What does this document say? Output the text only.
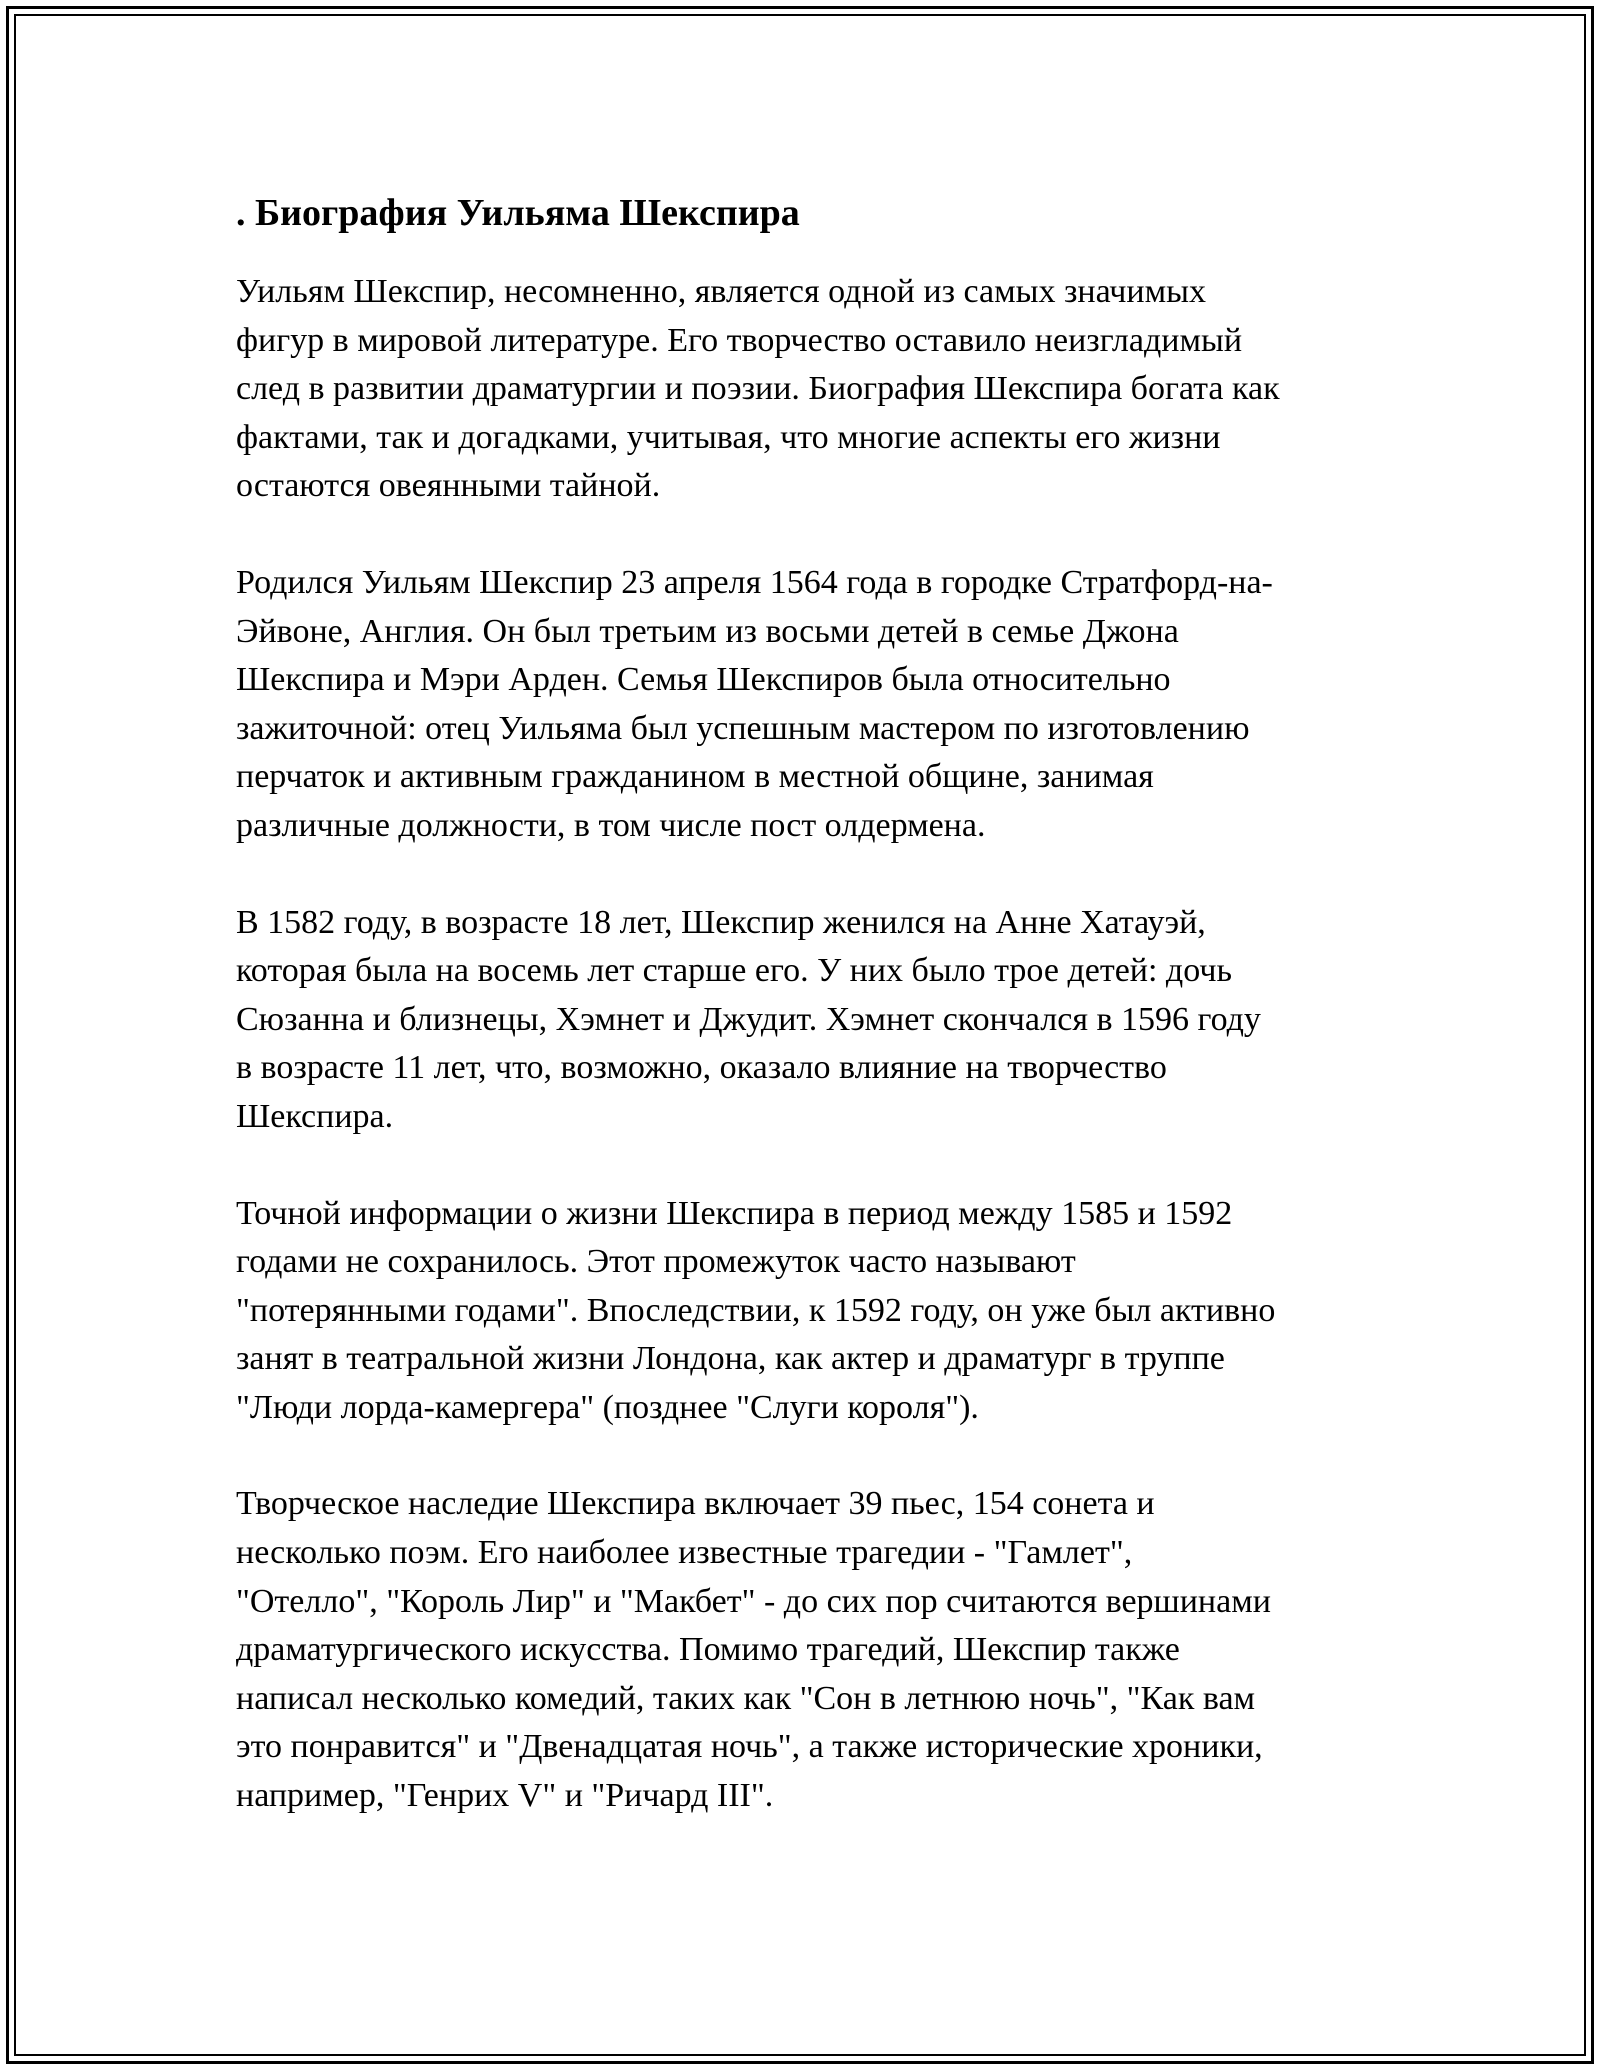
. Биография Уильяма Шекспира

Уильям Шекспир, несомненно, является одной из самых значимых
фигур в мировой литературе. Его творчество оставило неизгладимый
след в развитии драматургии и поэзии. Биография Шекспира богата как
фактами, так и догадками, учитывая, что многие аспекты его жизни
остаются овеянными тайной.

Родился Уильям Шекспир 23 апреля 1564 года в городке Стратфорд-на-
Эйвоне, Англия. Он был третьим из восьми детей в семье Джона
Шекспира и Мэри Арден. Семья Шекспиров была относительно
зажиточной: отец Уильяма был успешным мастером по изготовлению
перчаток и активным гражданином в местной общине, занимая
различные должности, в том числе пост олдермена.

В 1582 году, в возрасте 18 лет, Шекспир женился на Анне Хатауэй,
которая была на восемь лет старше его. У них было трое детей: дочь
Сюзанна и близнецы, Хэмнет и Джудит. Хэмнет скончался в 1596 году
в возрасте 11 лет, что, возможно, оказало влияние на творчество
Шекспира.

Точной информации о жизни Шекспира в период между 1585 и 1592
годами не сохранилось. Этот промежуток часто называют
"потерянными годами". Впоследствии, к 1592 году, он уже был активно
занят в театральной жизни Лондона, как актер и драматург в труппе
"Люди лорда-камергера" (позднее "Слуги короля").

Творческое наследие Шекспира включает 39 пьес, 154 сонета и
несколько поэм. Его наиболее известные трагедии - "Гамлет",
"Отелло", "Король Лир" и "Макбет" - до сих пор считаются вершинами
драматургического искусства. Помимо трагедий, Шекспир также
написал несколько комедий, таких как "Сон в летнюю ночь", "Как вам
это понравится" и "Двенадцатая ночь", а также исторические хроники,
например, "Генрих V" и "Ричард III".
